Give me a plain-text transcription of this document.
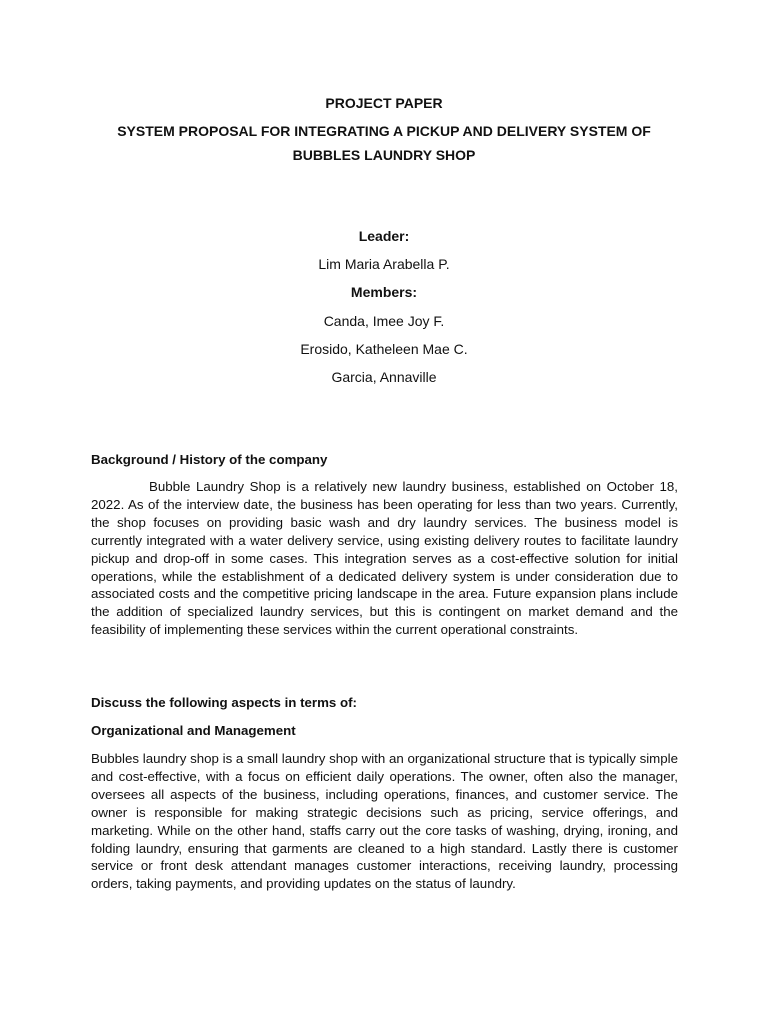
PROJECT PAPER
SYSTEM PROPOSAL FOR INTEGRATING A PICKUP AND DELIVERY SYSTEM OF BUBBLES LAUNDRY SHOP
Leader:
Lim Maria Arabella P.
Members:
Canda, Imee Joy F.
Erosido, Katheleen Mae C.
Garcia, Annaville
Background / History of the company

Bubble Laundry Shop is a relatively new laundry business, established on October 18, 2022. As of the interview date, the business has been operating for less than two years. Currently, the shop focuses on providing basic wash and dry laundry services. The business model is currently integrated with a water delivery service, using existing delivery routes to facilitate laundry pickup and drop-off in some cases. This integration serves as a cost-effective solution for initial operations, while the establishment of a dedicated delivery system is under consideration due to associated costs and the competitive pricing landscape in the area. Future expansion plans include the addition of specialized laundry services, but this is contingent on market demand and the feasibility of implementing these services within the current operational constraints.

Discuss the following aspects in terms of:
Organizational and Management

Bubbles laundry shop is a small laundry shop with an organizational structure that is typically simple and cost-effective, with a focus on efficient daily operations. The owner, often also the manager, oversees all aspects of the business, including operations, finances, and customer service. The owner is responsible for making strategic decisions such as pricing, service offerings, and marketing. While on the other hand, staffs carry out the core tasks of washing, drying, ironing, and folding laundry, ensuring that garments are cleaned to a high standard. Lastly there is customer service or front desk attendant manages customer interactions, receiving laundry, processing orders, taking payments, and providing updates on the status of laundry.
